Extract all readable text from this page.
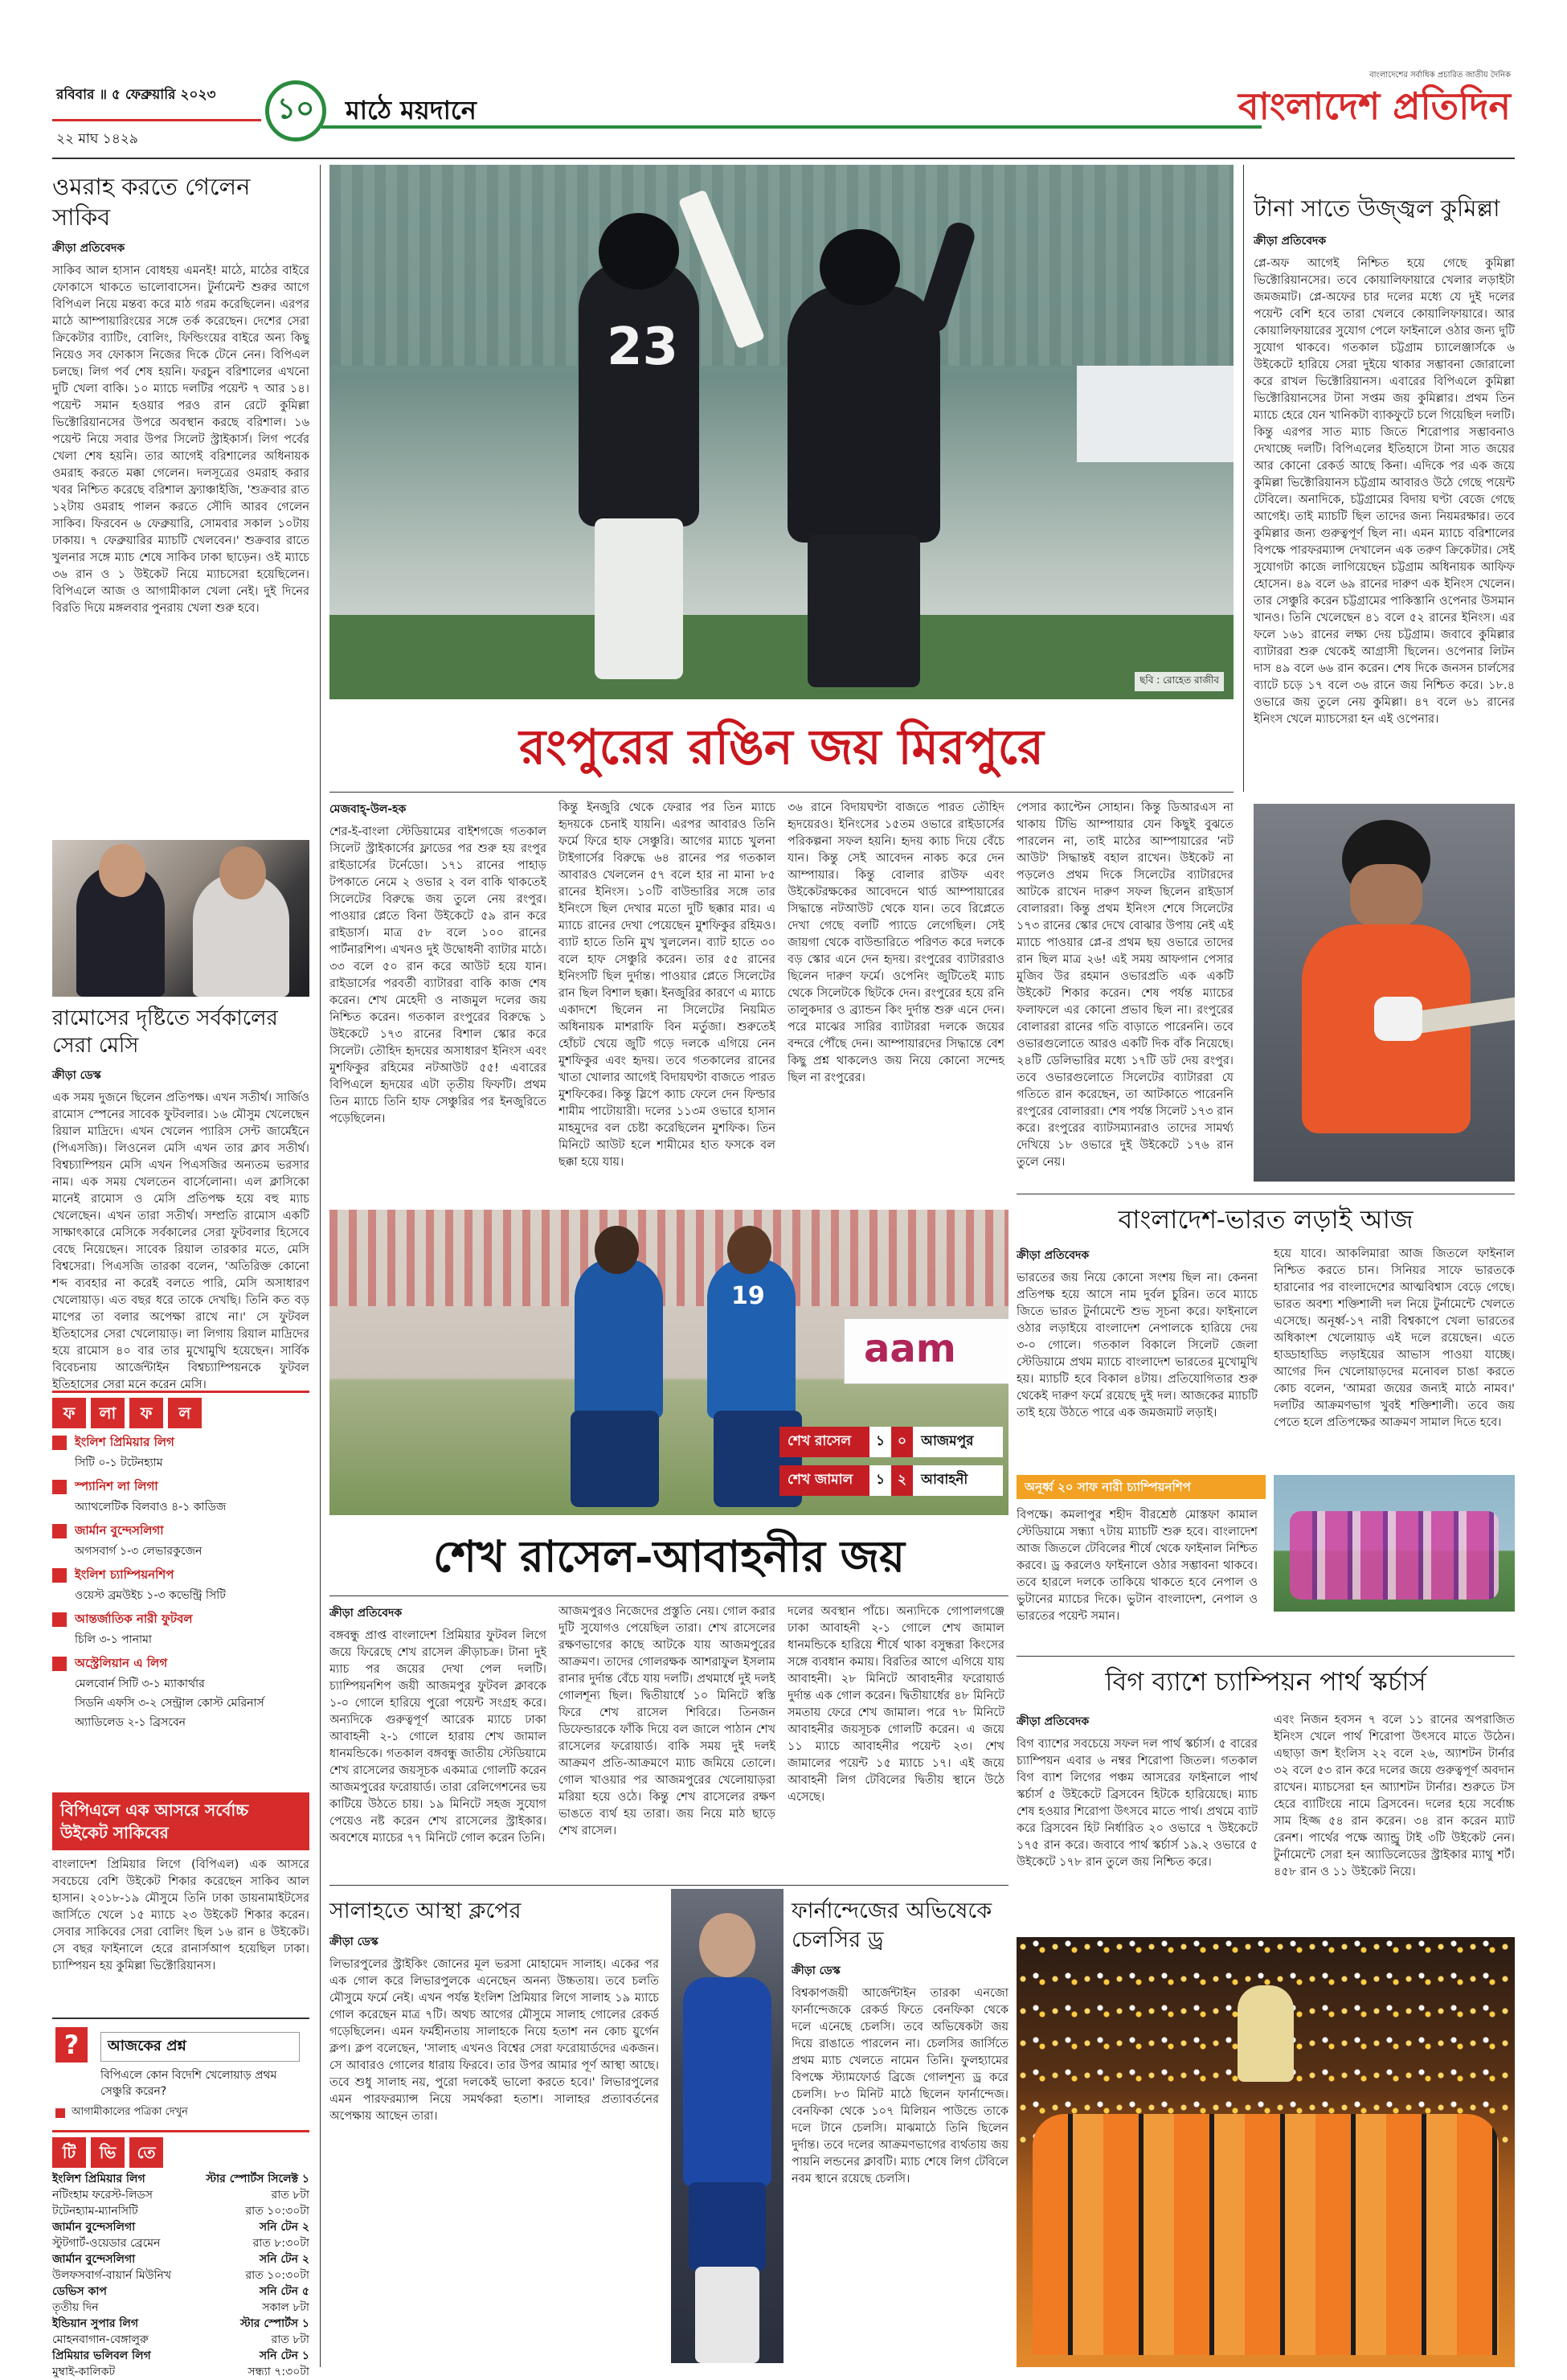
রবিবার ॥ ৫ ফেব্রুয়ারি ২০২৩
২২ মাঘ ১৪২৯
১০	মাঠে ময়দানে
বাংলাদেশের সর্বাধিক প্রচারিত জাতীয় দৈনিক
বাংলাদেশ প্রতিদিন
ওমরাহ করতে গেলেন সাকিব
ক্রীড়া প্রতিবেদক

সাকিব আল হাসান বোধহয় এমনই! মাঠে, মাঠের বাইরে ফোকাসে থাকতে ভালোবাসেন। টুর্নামেন্ট শুরুর আগে বিপিএল নিয়ে মন্তব্য করে মাঠ গরম করেছিলেন। এরপর মাঠে আম্পায়ারিংয়ের সঙ্গে তর্ক করেছেন। দেশের সেরা ক্রিকেটার ব্যাটিং, বোলিং, ফিল্ডিংয়ের বাইরে অন্য কিছু নিয়েও সব ফোকাস নিজের দিকে টেনে নেন। বিপিএল চলছে। লিগ পর্ব শেষ হয়নি। ফরচুন বরিশালের এখনো দুটি খেলা বাকি। ১০ ম্যাচে দলটির পয়েন্ট ৭ আর ১৪। পয়েন্ট সমান হওয়ার পরও রান রেটে কুমিল্লা ভিক্টোরিয়ানসের উপরে অবস্থান করছে বরিশাল। ১৬ পয়েন্ট নিয়ে সবার উপর সিলেট স্ট্রাইকার্স। লিগ পর্বের খেলা শেষ হয়নি। তার আগেই বরিশালের অধিনায়ক ওমরাহ করতে মক্কা গেলেন। দলসূত্রের ওমরাহ করার খবর নিশ্চিত করেছে বরিশাল ফ্র্যাঞ্চাইজি, 'শুক্রবার রাত ১২টায় ওমরাহ পালন করতে সৌদি আরব গেলেন সাকিব। ফিরবেন ৬ ফেব্রুয়ারি, সোমবার সকাল ১০টায় ঢাকায়। ৭ ফেব্রুয়ারির ম্যাচটি খেলবেন।' শুক্রবার রাতে খুলনার সঙ্গে ম্যাচ শেষে সাকিব ঢাকা ছাড়েন। ওই ম্যাচে ৩৬ রান ও ১ উইকেট নিয়ে ম্যাচসেরা হয়েছিলেন। বিপিএলে আজ ও আগামীকাল খেলা নেই। দুই দিনের বিরতি দিয়ে মঙ্গলবার পুনরায় খেলা শুরু হবে।

রামোসের দৃষ্টিতে সর্বকালের সেরা মেসি
ক্রীড়া ডেস্ক

এক সময় দুজনে ছিলেন প্রতিপক্ষ। এখন সতীর্থ। সার্জিও রামোস স্পেনের সাবেক ফুটবলার। ১৬ মৌসুম খেলেছেন রিয়াল মাদ্রিদে। এখন খেলেন প্যারিস সেন্ট জার্মেইনে (পিএসজি)। লিওনেল মেসি এখন তার ক্লাব সতীর্থ। বিশ্বচ্যাম্পিয়ন মেসি এখন পিএসজির অন্যতম ভরসার নাম। এক সময় খেলতেন বার্সেলোনা। এল ক্লাসিকো মানেই রামোস ও মেসি প্রতিপক্ষ হয়ে বহু ম্যাচ খেলেছেন। এখন তারা সতীর্থ। সম্প্রতি রামোস একটি সাক্ষাৎকারে মেসিকে সর্বকালের সেরা ফুটবলার হিসেবে বেছে নিয়েছেন। সাবেক রিয়াল তারকার মতে, মেসি বিশ্বসেরা। পিএসজি তারকা বলেন, 'অতিরিক্ত কোনো শব্দ ব্যবহার না করেই বলতে পারি, মেসি অসাধারণ খেলোয়াড়। এত বছর ধরে তাকে দেখছি। তিনি কত বড় মাপের তা বলার অপেক্ষা রাখে না।' সে ফুটবল ইতিহাসের সেরা খেলোয়াড়। লা লিগায় রিয়াল মাদ্রিদের হয়ে রামোস ৪০ বার তার মুখোমুখি হয়েছেন। সার্বিক বিবেচনায় আর্জেন্টাইন বিশ্বচ্যাম্পিয়নকে ফুটবল ইতিহাসের সেরা মনে করেন মেসি।

ফ	লা	ফ	ল
ইংলিশ প্রিমিয়ার লিগ
সিটি ০-১ টটেনহ্যাম
স্প্যানিশ লা লিগা
অ্যাথলেটিক বিলবাও ৪-১ কাডিজ
জার্মান বুন্দেসলিগা
অগসবার্গ ১-৩ লেভারকুজেন
ইংলিশ চ্যাম্পিয়নশিপ
ওয়েস্ট ব্রমউইচ ১-৩ কভেন্ট্রি সিটি
আন্তর্জাতিক নারী ফুটবল
চিলি ৩-১ পানামা
অস্ট্রেলিয়ান এ লিগ
মেলবোর্ন সিটি ৩-১ ম্যাকার্থার
সিডনি এফসি ৩-২ সেন্ট্রাল কোস্ট মেরিনার্স
অ্যাডিলেড ২-১ ব্রিসবেন
বিপিএলে এক আসরে সর্বোচ্চ উইকেট সাকিবের

বাংলাদেশ প্রিমিয়ার লিগে (বিপিএল) এক আসরে সবচেয়ে বেশি উইকেট শিকার করেছেন সাকিব আল হাসান। ২০১৮-১৯ মৌসুমে তিনি ঢাকা ডায়নামাইটসের জার্সিতে খেলে ১৫ ম্যাচে ২৩ উইকেট শিকার করেন। সেবার সাকিবের সেরা বোলিং ছিল ১৬ রান ৪ উইকেট। সে বছর ফাইনালে হেরে রানার্সআপ হয়েছিল ঢাকা। চ্যাম্পিয়ন হয় কুমিল্লা ভিক্টোরিয়ানস।

?	আজকের প্রশ্ন
বিপিএলে কোন বিদেশি খেলোয়াড় প্রথম সেঞ্চুরি করেন?
আগামীকালের পত্রিকা দেখুন
টি	ভি	তে
ইংলিশ প্রিমিয়ার লিগ	স্টার স্পোর্টস সিলেক্ট ১
নটিংহাম ফরেস্ট-লিডস	রাত ৮টা
টটেনহ্যাম-ম্যানসিটি	রাত ১০:৩০টা
জার্মান বুন্দেসলিগা	সনি টেন ২
স্টুটগার্ট-ওয়েডার ব্রেমেন	রাত ৮:৩০টা
জার্মান বুন্দেসলিগা	সনি টেন ২
উলফসবার্গ-বায়ার্ন মিউনিখ	রাত ১০:৩০টা
ডেভিস কাপ	সনি টেন ৫
তৃতীয় দিন	সকাল ৮টা
ইন্ডিয়ান সুপার লিগ	স্টার স্পোর্টস ১
মোহনবাগান-বেঙ্গালুরু	রাত ৮টা
প্রিমিয়ার ভলিবল লিগ	সনি টেন ১
মুম্বাই-কালিকট	সন্ধ্যা ৭:৩০টা
23
ছবি : রোহেত রাজীব
রংপুরের রঙিন জয় মিরপুরে
মেজবাহ্-উল-হক

শের-ই-বাংলা স্টেডিয়ামের বাইশগজে গতকাল সিলেট স্ট্রাইকার্সের ফ্লাডের পর শুরু হয় রংপুর রাইডার্সের টর্নেডো। ১৭১ রানের পাহাড় টপকাতে নেমে ২ ওভার ২ বল বাকি থাকতেই সিলেটের বিরুদ্ধে জয় তুলে নেয় রংপুর। পাওয়ার প্লেতে বিনা উইকেটে ৫৯ রান করে রাইডার্স। মাত্র ৫৮ বলে ১০০ রানের পার্টনারশিপ। এখনও দুই উদ্বোধনী ব্যাটার মাঠে। ৩৩ বলে ৫০ রান করে আউট হয়ে যান। রাইডার্সের পরবর্তী ব্যাটাররা বাকি কাজ শেষ করেন। শেখ মেহেদী ও নাজমুল দলের জয় নিশ্চিত করেন। গতকাল রংপুরের বিরুদ্ধে ১ উইকেটে ১৭৩ রানের বিশাল স্কোর করে সিলেট। তৌহিদ হৃদয়ের অসাধারণ ইনিংস এবং মুশফিকুর রহিমের নটআউট ৫৫! এবারের বিপিএলে হৃদয়ের এটা তৃতীয় ফিফটি। প্রথম তিন ম্যাচে তিনি হাফ সেঞ্চুরির পর ইনজুরিতে পড়েছিলেন।

কিন্তু ইনজুরি থেকে ফেরার পর তিন ম্যাচে হৃদয়কে চেনাই যায়নি। এরপর আবারও তিনি ফর্মে ফিরে হাফ সেঞ্চুরি। আগের ম্যাচে খুলনা টাইগার্সের বিরুদ্ধে ৬৪ রানের পর গতকাল আবারও খেললেন ৫৭ বলে হার না মানা ৮৫ রানের ইনিংস। ১০টি বাউন্ডারির সঙ্গে তার ইনিংসে ছিল দেখার মতো দুটি ছক্কার মার। এ ম্যাচে রানের দেখা পেয়েছেন মুশফিকুর রহিমও। ব্যাট হাতে তিনি মুখ খুললেন। ব্যাট হাতে ৩০ বলে হাফ সেঞ্চুরি করেন। তার ৫৫ রানের ইনিংসটি ছিল দুর্দান্ত। পাওয়ার প্লেতে সিলেটের রান ছিল বিশাল ছক্কা। ইনজুরির কারণে এ ম্যাচে একাদশে ছিলেন না সিলেটের নিয়মিত অধিনায়ক মাশরাফি বিন মর্তুজা। শুরুতেই হোঁচট খেয়ে জুটি গড়ে দলকে এগিয়ে নেন মুশফিকুর এবং হৃদয়। তবে গতকালের রানের খাতা খোলার আগেই বিদায়ঘণ্টা বাজতে পারত মুশফিকের। কিন্তু স্লিপে ক্যাচ ফেলে দেন ফিল্ডার শামীম পাটোয়ারী। দলের ১১৩ম ওভারে হাসান মাহমুদের বল চেষ্টা করেছিলেন মুশফিক। তিন মিনিটে আউট হলে শামীমের হাত ফসকে বল ছক্কা হয়ে যায়।

৩৬ রানে বিদায়ঘণ্টা বাজতে পারত তৌহিদ হৃদয়েরও। ইনিংসের ১৫তম ওভারে রাইডার্সের পরিকল্পনা সফল হয়নি। হৃদয় ক্যাচ দিয়ে বেঁচে যান। কিন্তু সেই আবেদন নাকচ করে দেন আম্পায়ার। কিন্তু বোলার রাউফ এবং উইকেটরক্ষকের আবেদনে থার্ড আম্পায়ারের সিদ্ধান্তে নটআউট থেকে যান। তবে রিপ্লেতে দেখা গেছে বলটি প্যাডে লেগেছিল। সেই জায়গা থেকে বাউন্ডারিতে পরিণত করে দলকে বড় স্কোর এনে দেন হৃদয়। রংপুরের ব্যাটাররাও ছিলেন দারুণ ফর্মে। ওপেনিং জুটিতেই ম্যাচ থেকে সিলেটকে ছিটকে দেন। রংপুরের হয়ে রনি তালুকদার ও ব্র্যান্ডন কিং দুর্দান্ত শুরু এনে দেন। পরে মাঝের সারির ব্যাটাররা দলকে জয়ের বন্দরে পৌঁছে দেন। আম্পায়ারদের সিদ্ধান্তে বেশ কিছু প্রশ্ন থাকলেও জয় নিয়ে কোনো সন্দেহ ছিল না রংপুরের।

পেসার ক্যাপ্টেন সোহান। কিন্তু ডিআরএস না থাকায় টিভি আম্পায়ার যেন কিছুই বুঝতে পারলেন না, তাই মাঠের আম্পায়ারের 'নট আউট' সিদ্ধান্তই বহাল রাখেন। উইকেট না পড়লেও প্রথম দিকে সিলেটের ব্যাটারদের আটকে রাখেন দারুণ সফল ছিলেন রাইডার্স বোলাররা। কিন্তু প্রথম ইনিংস শেষে সিলেটের ১৭৩ রানের স্কোর দেখে বোঝার উপায় নেই এই ম্যাচে পাওয়ার প্লে-র প্রথম ছয় ওভারে তাদের রান ছিল মাত্র ২৬! এই সময় আফগান পেসার মুজিব উর রহমান ওভারপ্রতি এক একটি উইকেট শিকার করেন। শেষ পর্যন্ত ম্যাচের ফলাফলে এর কোনো প্রভাব ছিল না। রংপুরের বোলাররা রানের গতি বাড়াতে পারেননি। তবে ওভারগুলোতে আরও একটি দিক বাঁক নিয়েছে। ২৪টি ডেলিভারির মধ্যে ১৭টি ডট দেয় রংপুর। তবে ওভারগুলোতে সিলেটের ব্যাটাররা যে গতিতে রান করেছেন, তা আটকাতে পারেননি রংপুরের বোলাররা। শেষ পর্যন্ত সিলেট ১৭৩ রান করে। রংপুরের ব্যাটসম্যানরাও তাদের সামর্থ্য দেখিয়ে ১৮ ওভারে দুই উইকেটে ১৭৬ রান তুলে নেয়।

aam
19
শেখ রাসেল	১ ০	আজমপুর
শেখ জামাল	১ ২	আবাহনী
শেখ রাসেল-আবাহনীর জয়
ক্রীড়া প্রতিবেদক

বঙ্গবন্ধু প্রাপ্ত বাংলাদেশ প্রিমিয়ার ফুটবল লিগে জয়ে ফিরেছে শেখ রাসেল ক্রীড়াচক্র। টানা দুই ম্যাচ পর জয়ের দেখা পেল দলটি। চ্যাম্পিয়নশিপ জয়ী আজমপুর ফুটবল ক্লাবকে ১-০ গোলে হারিয়ে পুরো পয়েন্ট সংগ্রহ করে। অন্যদিকে গুরুত্বপূর্ণ আরেক ম্যাচে ঢাকা আবাহনী ২-১ গোলে হারায় শেখ জামাল ধানমন্ডিকে। গতকাল বঙ্গবন্ধু জাতীয় স্টেডিয়ামে শেখ রাসেলের জয়সূচক একমাত্র গোলটি করেন আজমপুরের ফরোয়ার্ড। তারা রেলিগেশনের ভয় কাটিয়ে উঠতে চায়। ১৯ মিনিটে সহজ সুযোগ পেয়েও নষ্ট করেন শেখ রাসেলের স্ট্রাইকার। অবশেষে ম্যাচের ৭৭ মিনিটে গোল করেন তিনি।

আজমপুরও নিজেদের প্রস্তুতি নেয়। গোল করার দুটি সুযোগও পেয়েছিল তারা। শেখ রাসেলের রক্ষণভাগের কাছে আটকে যায় আজমপুরের আক্রমণ। তাদের গোলরক্ষক আশরাফুল ইসলাম রানার দুর্দান্ত বেঁচে যায় দলটি। প্রথমার্ধে দুই দলই গোলশূন্য ছিল। দ্বিতীয়ার্ধে ১০ মিনিটে স্বস্তি ফিরে শেখ রাসেল শিবিরে। তিনজন ডিফেন্ডারকে ফাঁকি দিয়ে বল জালে পাঠান শেখ রাসেলের ফরোয়ার্ড। বাকি সময় দুই দলই আক্রমণ প্রতি-আক্রমণে ম্যাচ জমিয়ে তোলে। গোল খাওয়ার পর আজমপুরের খেলোয়াড়রা মরিয়া হয়ে ওঠে। কিন্তু শেখ রাসেলের রক্ষণ ভাঙতে ব্যর্থ হয় তারা। জয় নিয়ে মাঠ ছাড়ে শেখ রাসেল।

দলের অবস্থান পাঁচে। অন্যদিকে গোপালগঞ্জে ঢাকা আবাহনী ২-১ গোলে শেখ জামাল ধানমন্ডিকে হারিয়ে শীর্ষে থাকা বসুন্ধরা কিংসের সঙ্গে ব্যবধান কমায়। বিরতির আগে এগিয়ে যায় আবাহনী। ২৮ মিনিটে আবাহনীর ফরোয়ার্ড দুর্দান্ত এক গোল করেন। দ্বিতীয়ার্ধের ৪৮ মিনিটে সমতায় ফেরে শেখ জামাল। পরে ৭৮ মিনিটে আবাহনীর জয়সূচক গোলটি করেন। এ জয়ে ১১ ম্যাচে আবাহনীর পয়েন্ট ২৩। শেখ জামালের পয়েন্ট ১৫ ম্যাচে ১৭। এই জয়ে আবাহনী লিগ টেবিলের দ্বিতীয় স্থানে উঠে এসেছে।

সালাহতে আস্থা ক্লপের
ক্রীড়া ডেস্ক

লিভারপুলের স্ট্রাইকিং জোনের মূল ভরসা মোহামেদ সালাহ। একের পর এক গোল করে লিভারপুলকে এনেছেন অনন্য উচ্চতায়। তবে চলতি মৌসুমে ফর্মে নেই। এখন পর্যন্ত ইংলিশ প্রিমিয়ার লিগে সালাহ ১৯ ম্যাচে গোল করেছেন মাত্র ৭টি। অথচ আগের মৌসুমে সালাহ গোলের রেকর্ড গড়েছিলেন। এমন ফর্মহীনতায় সালাহকে নিয়ে হতাশ নন কোচ য়ুর্গেন ক্লপ। ক্লপ বলেছেন, 'সালাহ এখনও বিশ্বের সেরা ফরোয়ার্ডদের একজন। সে আবারও গোলের ধারায় ফিরবে। তার উপর আমার পূর্ণ আস্থা আছে। তবে শুধু সালাহ নয়, পুরো দলকেই ভালো করতে হবে।' লিভারপুলের এমন পারফরম্যান্স নিয়ে সমর্থকরা হতাশ। সালাহর প্রত্যাবর্তনের অপেক্ষায় আছেন তারা।

ফার্নান্দেজের অভিষেকে চেলসির ড্র
ক্রীড়া ডেস্ক

বিশ্বকাপজয়ী আর্জেন্টাইন তারকা এনজো ফার্নান্দেজকে রেকর্ড ফিতে বেনফিকা থেকে দলে এনেছে চেলসি। তবে অভিষেকটা জয় দিয়ে রাঙাতে পারলেন না। চেলসির জার্সিতে প্রথম ম্যাচ খেলতে নামেন তিনি। ফুলহ্যামের বিপক্ষে স্ট্যামফোর্ড ব্রিজে গোলশূন্য ড্র করে চেলসি। ৮৩ মিনিট মাঠে ছিলেন ফার্নান্দেজ। বেনফিকা থেকে ১০৭ মিলিয়ন পাউন্ডে তাকে দলে টানে চেলসি। মাঝমাঠে তিনি ছিলেন দুর্দান্ত। তবে দলের আক্রমণভাগের ব্যর্থতায় জয় পায়নি লন্ডনের ক্লাবটি। ম্যাচ শেষে লিগ টেবিলে নবম স্থানে রয়েছে চেলসি।

টানা সাতে উজ্জ্বল কুমিল্লা
ক্রীড়া প্রতিবেদক

প্লে-অফ আগেই নিশ্চিত হয়ে গেছে কুমিল্লা ভিক্টোরিয়ানসের। তবে কোয়ালিফায়ারে খেলার লড়াইটা জমজমাট। প্লে-অফের চার দলের মধ্যে যে দুই দলের পয়েন্ট বেশি হবে তারা খেলবে কোয়ালিফায়ারে। আর কোয়ালিফায়ারের সুযোগ পেলে ফাইনালে ওঠার জন্য দুটি সুযোগ থাকবে। গতকাল চট্টগ্রাম চ্যালেঞ্জার্সকে ৬ উইকেটে হারিয়ে সেরা দুইয়ে থাকার সম্ভাবনা জোরালো করে রাখল ভিক্টোরিয়ানস। এবারের বিপিএলে কুমিল্লা ভিক্টোরিয়ানসের টানা সপ্তম জয় কুমিল্লার। প্রথম তিন ম্যাচে হেরে যেন খানিকটা ব্যাকফুটে চলে গিয়েছিল দলটি। কিন্তু এরপর সাত ম্যাচ জিতে শিরোপার সম্ভাবনাও দেখাচ্ছে দলটি। বিপিএলের ইতিহাসে টানা সাত জয়ের আর কোনো রেকর্ড আছে কিনা। এদিকে পর এক জয়ে কুমিল্লা ভিক্টোরিয়ানস চট্টগ্রাম আবারও উঠে গেছে পয়েন্ট টেবিলে। অনাদিকে, চট্টগ্রামের বিদায় ঘণ্টা বেজে গেছে আগেই। তাই ম্যাচটি ছিল তাদের জন্য নিয়মরক্ষার। তবে কুমিল্লার জন্য গুরুত্বপূর্ণ ছিল না। এমন ম্যাচে বরিশালের বিপক্ষে পারফরম্যান্স দেখালেন এক তরুণ ক্রিকেটার। সেই সুযোগটা কাজে লাগিয়েছেন চট্টগ্রাম অধিনায়ক আফিফ হোসেন। ৪৯ বলে ৬৯ রানের দারুণ এক ইনিংস খেলেন। তার সেঞ্চুরি করেন চট্টগ্রামের পাকিস্তানি ওপেনার উসমান খানও। তিনি খেলেছেন ৪১ বলে ৫২ রানের ইনিংস। এর ফলে ১৬১ রানের লক্ষ্য দেয় চট্টগ্রাম। জবাবে কুমিল্লার ব্যাটাররা শুরু থেকেই আগ্রাসী ছিলেন। ওপেনার লিটন দাস ৪৯ বলে ৬৬ রান করেন। শেষ দিকে জনসন চার্লসের ব্যাটে চড়ে ১৭ বলে ৩৬ রানে জয় নিশ্চিত করে। ১৮.৪ ওভারে জয় তুলে নেয় কুমিল্লা। ৪৭ বলে ৬১ রানের ইনিংস খেলে ম্যাচসেরা হন এই ওপেনার।

বাংলাদেশ-ভারত লড়াই আজ
ক্রীড়া প্রতিবেদক

ভারতের জয় নিয়ে কোনো সংশয় ছিল না। কেননা প্রতিপক্ষ হয়ে আসে নাম দুর্বল চুরিন। তবে ম্যাচে জিতে ভারত টুর্নামেন্টে শুভ সূচনা করে। ফাইনালে ওঠার লড়াইয়ে বাংলাদেশ নেপালকে হারিয়ে দেয় ৩-০ গোলে। গতকাল বিকালে সিলেট জেলা স্টেডিয়ামে প্রথম ম্যাচে বাংলাদেশ ভারতের মুখোমুখি হয়। ম্যাচটি হবে বিকাল ৪টায়। প্রতিযোগিতার শুরু থেকেই দারুণ ফর্মে রয়েছে দুই দল। আজকের ম্যাচটি তাই হয়ে উঠতে পারে এক জমজমাট লড়াই।

হয়ে যাবে। আকলিমারা আজ জিতলে ফাইনাল নিশ্চিত করতে চান। সিনিয়র সাফে ভারতকে হারানোর পর বাংলাদেশের আত্মবিশ্বাস বেড়ে গেছে। ভারত অবশ্য শক্তিশালী দল নিয়ে টুর্নামেন্টে খেলতে এসেছে। অনূর্ধ্ব-১৭ নারী বিশ্বকাপে খেলা ভারতের অধিকাংশ খেলোয়াড় এই দলে রয়েছেন। এতে হাড্ডাহাড্ডি লড়াইয়ের আভাস পাওয়া যাচ্ছে। আগের দিন খেলোয়াড়দের মনোবল চাঙা করতে কোচ বলেন, 'আমরা জয়ের জন্যই মাঠে নামব।' দলটির আক্রমণভাগ খুবই শক্তিশালী। তবে জয় পেতে হলে প্রতিপক্ষের আক্রমণ সামাল দিতে হবে।

অনূর্ধ্ব ২০ সাফ নারী চ্যাম্পিয়নশিপ

বিপক্ষে। কমলাপুর শহীদ বীরশ্রেষ্ঠ মোস্তফা কামাল স্টেডিয়ামে সন্ধ্যা ৭টায় ম্যাচটি শুরু হবে। বাংলাদেশ আজ জিতলে টেবিলের শীর্ষে থেকে ফাইনাল নিশ্চিত করবে। ড্র করলেও ফাইনালে ওঠার সম্ভাবনা থাকবে। তবে হারলে দলকে তাকিয়ে থাকতে হবে নেপাল ও ভুটানের ম্যাচের দিকে। ভুটান বাংলাদেশ, নেপাল ও ভারতের পয়েন্ট সমান।

বিগ ব্যাশে চ্যাম্পিয়ন পার্থ স্কর্চার্স
ক্রীড়া প্রতিবেদক

বিগ ব্যাশের সবচেয়ে সফল দল পার্থ স্কর্চার্স। ৫ বারের চ্যাম্পিয়ন এবার ৬ নম্বর শিরোপা জিতল। গতকাল বিগ ব্যাশ লিগের পঞ্চম আসরের ফাইনালে পার্থ স্কর্চার্স ৫ উইকেটে ব্রিসবেন হিটকে হারিয়েছে। ম্যাচ শেষ হওয়ার শিরোপা উৎসবে মাতে পার্থ। প্রথমে ব্যাট করে ব্রিসবেন হিট নির্ধারিত ২০ ওভারে ৭ উইকেটে ১৭৫ রান করে। জবাবে পার্থ স্কর্চার্স ১৯.২ ওভারে ৫ উইকেটে ১৭৮ রান তুলে জয় নিশ্চিত করে।

এবং নিজন হবসন ৭ বলে ১১ রানের অপরাজিত ইনিংস খেলে পার্থ শিরোপা উৎসবে মাতে উঠেন। এছাড়া জশ ইংলিস ২২ বলে ২৬, অ্যাশটন টার্নার ৩২ বলে ৫৩ রান করে দলের জয়ে গুরুত্বপূর্ণ অবদান রাখেন। ম্যাচসেরা হন আ্যাশটন টার্নার। শুরুতে টস হেরে ব্যাটিংয়ে নামে ব্রিসবেন। দলের হয়ে সর্বোচ্চ সাম হিজ্জ ৫৪ রান করেন। ৩৪ রান করেন ম্যাট রেনশ। পার্থের পক্ষে অ্যান্ড্রু টাই ৩টি উইকেট নেন। টুর্নামেন্টে সেরা হন অ্যাডিলেডের স্ট্রাইকার ম্যাথু শর্ট। ৪৫৮ রান ও ১১ উইকেট নিয়ে।
